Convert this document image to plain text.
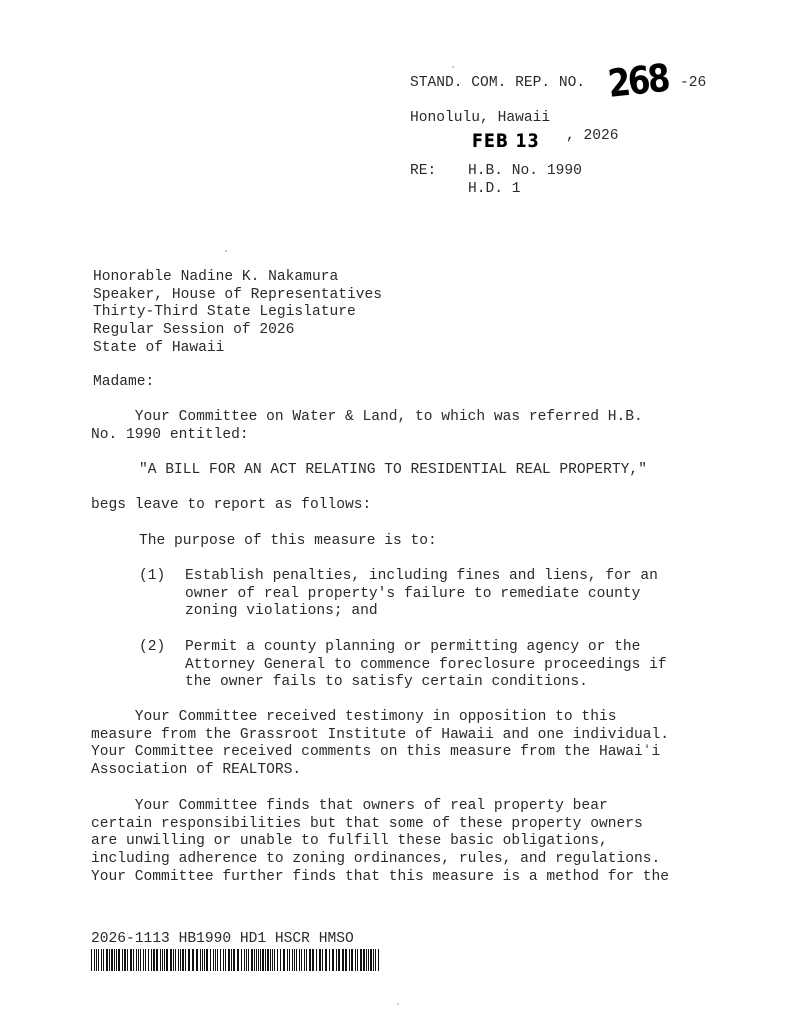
STAND. COM. REP. NO. 268 -26
Honolulu, Hawaii
FEB 13 , 2026
RE: H.B. No. 1990
H.D. 1
Honorable Nadine K. Nakamura
Speaker, House of Representatives
Thirty-Third State Legislature
Regular Session of 2026
State of Hawaii
Madame:
Your Committee on Water & Land, to which was referred H.B.
No. 1990 entitled:
"A BILL FOR AN ACT RELATING TO RESIDENTIAL REAL PROPERTY,"
begs leave to report as follows:
The purpose of this measure is to:
(1) Establish penalties, including fines and liens, for an
owner of real property's failure to remediate county
zoning violations; and
(2) Permit a county planning or permitting agency or the
Attorney General to commence foreclosure proceedings if
the owner fails to satisfy certain conditions.
Your Committee received testimony in opposition to this
measure from the Grassroot Institute of Hawaii and one individual.
Your Committee received comments on this measure from the Hawaiʻi
Association of REALTORS.
Your Committee finds that owners of real property bear
certain responsibilities but that some of these property owners
are unwilling or unable to fulfill these basic obligations,
including adherence to zoning ordinances, rules, and regulations.
Your Committee further finds that this measure is a method for the
2026-1113 HB1990 HD1 HSCR HMSO
